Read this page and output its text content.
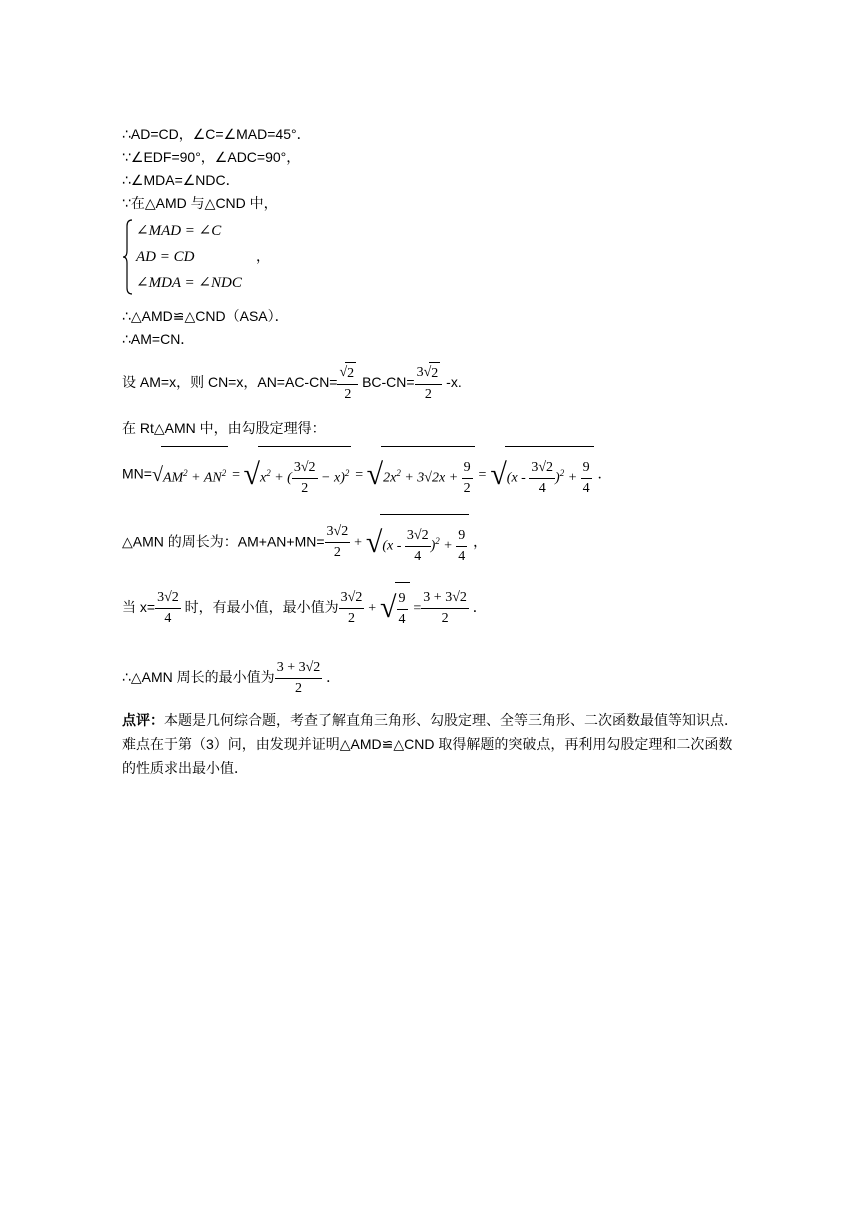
∴AD=CD，∠C=∠MAD=45°．
∵∠EDF=90°，∠ADC=90°，
∴∠MDA=∠NDC．
∵在△AMD 与△CND 中，
∠MAD = ∠C
AD = CD
∠MDA = ∠NDC
，
∴△AMD≌△CND（ASA）．
∴AM=CN．
设 AM=x，则 CN=x，$AN=AC-CN= \frac{√2}{2} BC-CN= \frac{3√2}{2} -x$.
在 Rt△AMN 中，由勾股定理得：
$MN=√AM^2 + AN^2 = √x^2$ + ( $\frac{3√2}{2} - x)^2 = √2x^2 + 3√2x + \frac{9}{2} = √(x - \frac{3√2}{4} )^2 + \frac{9}{4}$ ．
△AMN 的周长为：$AM+AN+MN= \frac{3√2}{2} + √(x - \frac{3√2}{4} )^2 + \frac{9}{4}$ ，
当 $x= \frac{3√2}{4}$ 时，有最小值，最小值为 $\frac{3√2}{2}$ + √ $\frac{9}{4} = \frac{3 + 3√2}{2}$ ．
∴△AMN 周长的最小值为 $\frac{3 + 3√2}{2}$ ．
点评：本题是几何综合题，考查了解直角三角形、勾股定理、全等三角形、二次函数最值等知识点．难点在于第（3）问，由发现并证明△AMD≌△CND 取得解题的突破点，再利用勾股定理和二次函数的性质求出最小值．
